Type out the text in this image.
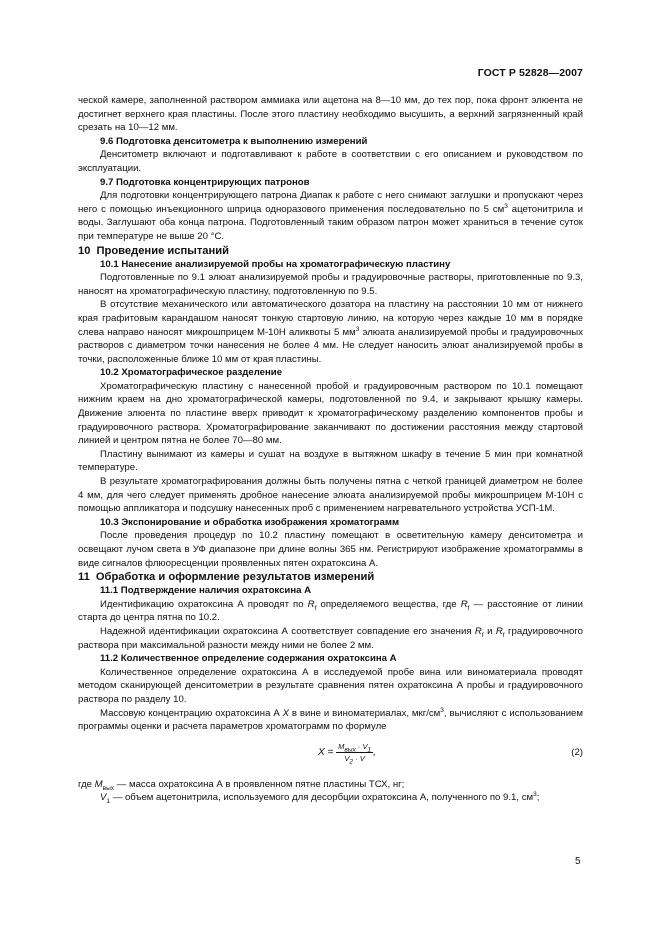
ГОСТ Р 52828—2007

ческой камере, заполненной раствором аммиака или ацетона на 8—10 мм, до тех пор, пока фронт элюента не достигнет верхнего края пластины. После этого пластину необходимо высушить, а верхний загрязненный край срезать на 10—12 мм.

9.6 Подготовка денситометра к выполнению измерений

Денситометр включают и подготавливают к работе в соответствии с его описанием и руководством по эксплуатации.

9.7 Подготовка концентрирующих патронов

Для подготовки концентрирующего патрона Диапак к работе с него снимают заглушки и пропускают через него с помощью инъекционного шприца одноразового применения последовательно по 5 $см^3$ ацетонитрила и воды. Заглушают оба конца патрона. Подготовленный таким образом патрон может храниться в течение суток при температуре не выше 20 °С.

10 Проведение испытаний

10.1 Нанесение анализируемой пробы на хроматографическую пластину

Подготовленные по 9.1 элюат анализируемой пробы и градуировочные растворы, приготовленные по 9.3, наносят на хроматографическую пластину, подготовленную по 9.5.

В отсутствие механического или автоматического дозатора на пластину на расстоянии 10 мм от нижнего края графитовым карандашом наносят тонкую стартовую линию, на которую через каждые 10 мм в порядке слева направо наносят микрошприцем М-10Н аликвоты 5 $мм^3$ элюата анализируемой пробы и градуировочных растворов с диаметром точки нанесения не более 4 мм. Не следует наносить элюат анализируемой пробы в точки, расположенные ближе 10 мм от края пластины.

10.2 Хроматографическое разделение

Хроматографическую пластину с нанесенной пробой и градуировочным раствором по 10.1 помещают нижним краем на дно хроматографической камеры, подготовленной по 9.4, и закрывают крышку камеры. Движение элюента по пластине вверх приводит к хроматографическому разделению компонентов пробы и градуировочного раствора. Хроматографирование заканчивают по достижении расстояния между стартовой линией и центром пятна не более 70—80 мм.

Пластину вынимают из камеры и сушат на воздухе в вытяжном шкафу в течение 5 мин при комнатной температуре.

В результате хроматографирования должны быть получены пятна с четкой границей диаметром не более 4 мм, для чего следует применять дробное нанесение элюата анализируемой пробы микрошприцем М-10Н с помощью аппликатора и подсушку нанесенных проб с применением нагревательного устройства УСП-1М.

10.3 Экспонирование и обработка изображения хроматограмм

После проведения процедур по 10.2 пластину помещают в осветительную камеру денситометра и освещают лучом света в УФ диапазоне при длине волны 365 нм. Регистрируют изображение хроматограммы в виде сигналов флюоресценции проявленных пятен охратоксина А.

11 Обработка и оформление результатов измерений

11.1 Подтверждение наличия охратоксина А

Идентификацию охратоксина А проводят по $R_f$ определяемого вещества, где $R_f$ — расстояние от линии старта до центра пятна по 10.2.

Надежной идентификации охратоксина А соответствует совпадение его значения $R_f$ и $R_f$ градуировочного раствора при максимальной разности между ними не более 2 мм.

11.2 Количественное определение содержания охратоксина А

Количественное определение охратоксина А в исследуемой пробе вина или виноматериала проводят методом сканирующей денситометрии в результате сравнения пятен охратоксина А пробы и градуировочного раствора по разделу 10.

Массовую концентрацию охратоксина А X в вине и виноматериалах, мкг/$см^3$, вычисляют с использованием программы оценки и расчета параметров хроматограмм по формуле

$X = \frac{M_{вых} \cdot V_1}{V_2 \cdot V}$ ,	(2)

где $M_{вых}$ — масса охратоксина А в проявленном пятне пластины ТСХ, нг;

$V_1$ — объем ацетонитрила, используемого для десорбции охратоксина А, полученного по 9.1, $см^3$;

5
